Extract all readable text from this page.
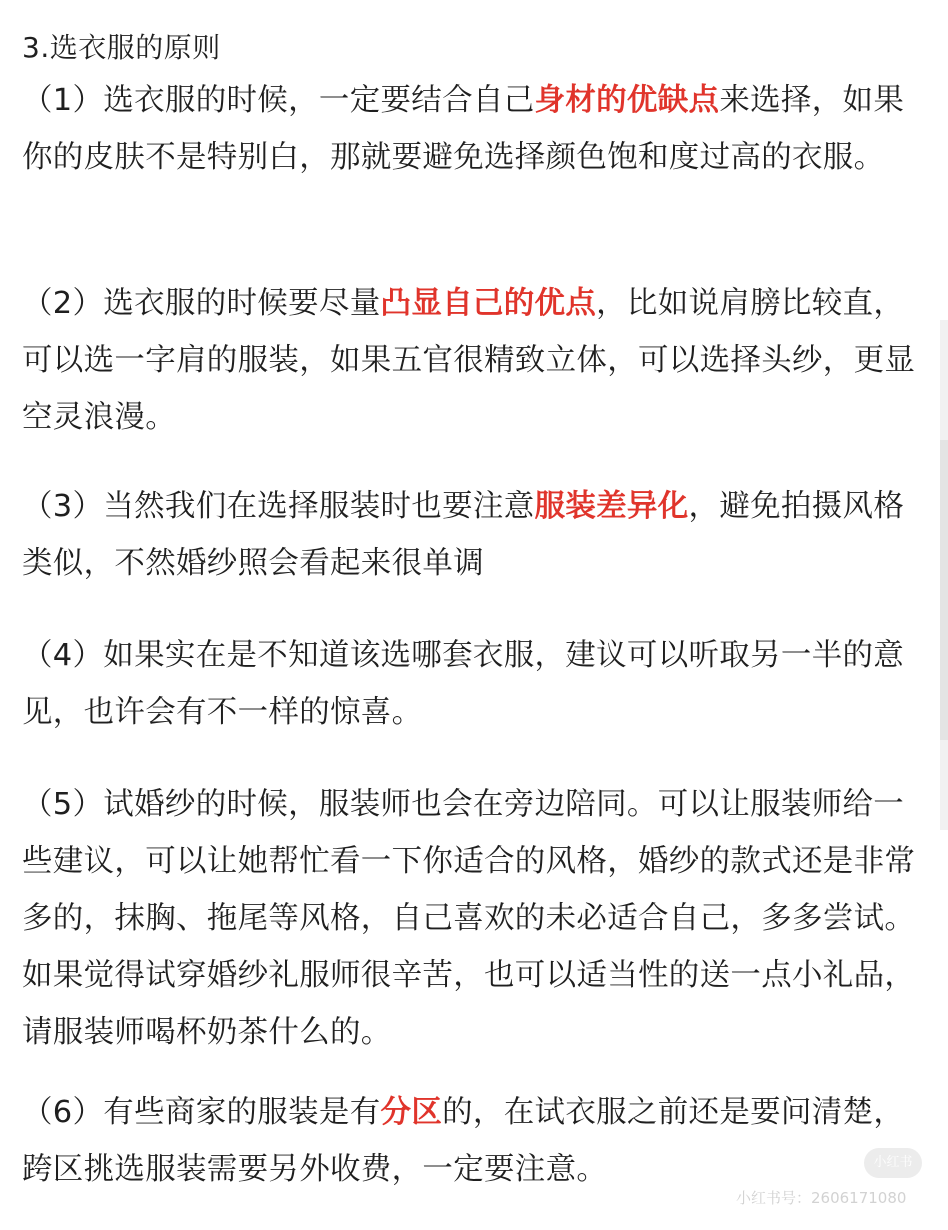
3.选衣服的原则

（1）选衣服的时候，一定要结合自己身材的优缺点来选择，如果你的皮肤不是特别白，那就要避免选择颜色饱和度过高的衣服。

（2）选衣服的时候要尽量凸显自己的优点，比如说肩膀比较直，可以选一字肩的服装，如果五官很精致立体，可以选择头纱，更显空灵浪漫。

（3）当然我们在选择服装时也要注意服装差异化，避免拍摄风格类似，不然婚纱照会看起来很单调

（4）如果实在是不知道该选哪套衣服，建议可以听取另一半的意见，也许会有不一样的惊喜。

（5）试婚纱的时候，服装师也会在旁边陪同。可以让服装师给一些建议，可以让她帮忙看一下你适合的风格，婚纱的款式还是非常多的，抹胸、拖尾等风格，自己喜欢的未必适合自己，多多尝试。如果觉得试穿婚纱礼服师很辛苦，也可以适当性的送一点小礼品，请服装师喝杯奶茶什么的。

（6）有些商家的服装是有分区的，在试衣服之前还是要问清楚，跨区挑选服装需要另外收费，一定要注意。	小红书
小红书号：2606171080
